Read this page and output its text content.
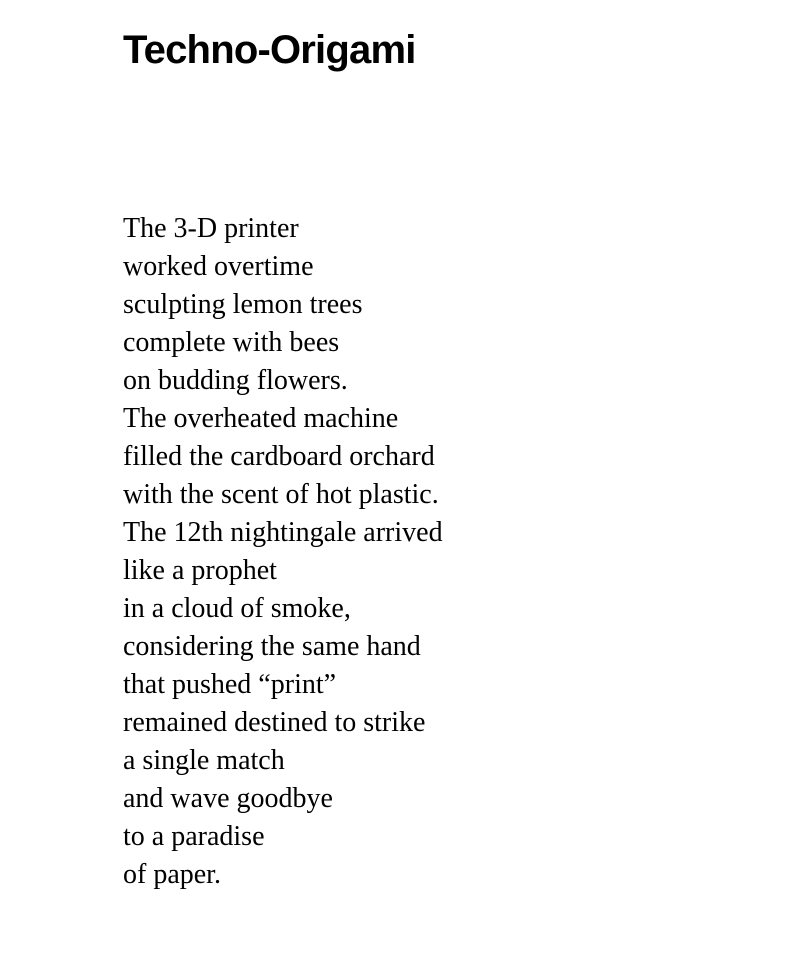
Techno-Origami
The 3-D printer
worked overtime
sculpting lemon trees
complete with bees
on budding flowers.
The overheated machine
filled the cardboard orchard
with the scent of hot plastic.
The 12th nightingale arrived
like a prophet
in a cloud of smoke,
considering the same hand
that pushed “print”
remained destined to strike
a single match
and wave goodbye
to a paradise
of paper.
